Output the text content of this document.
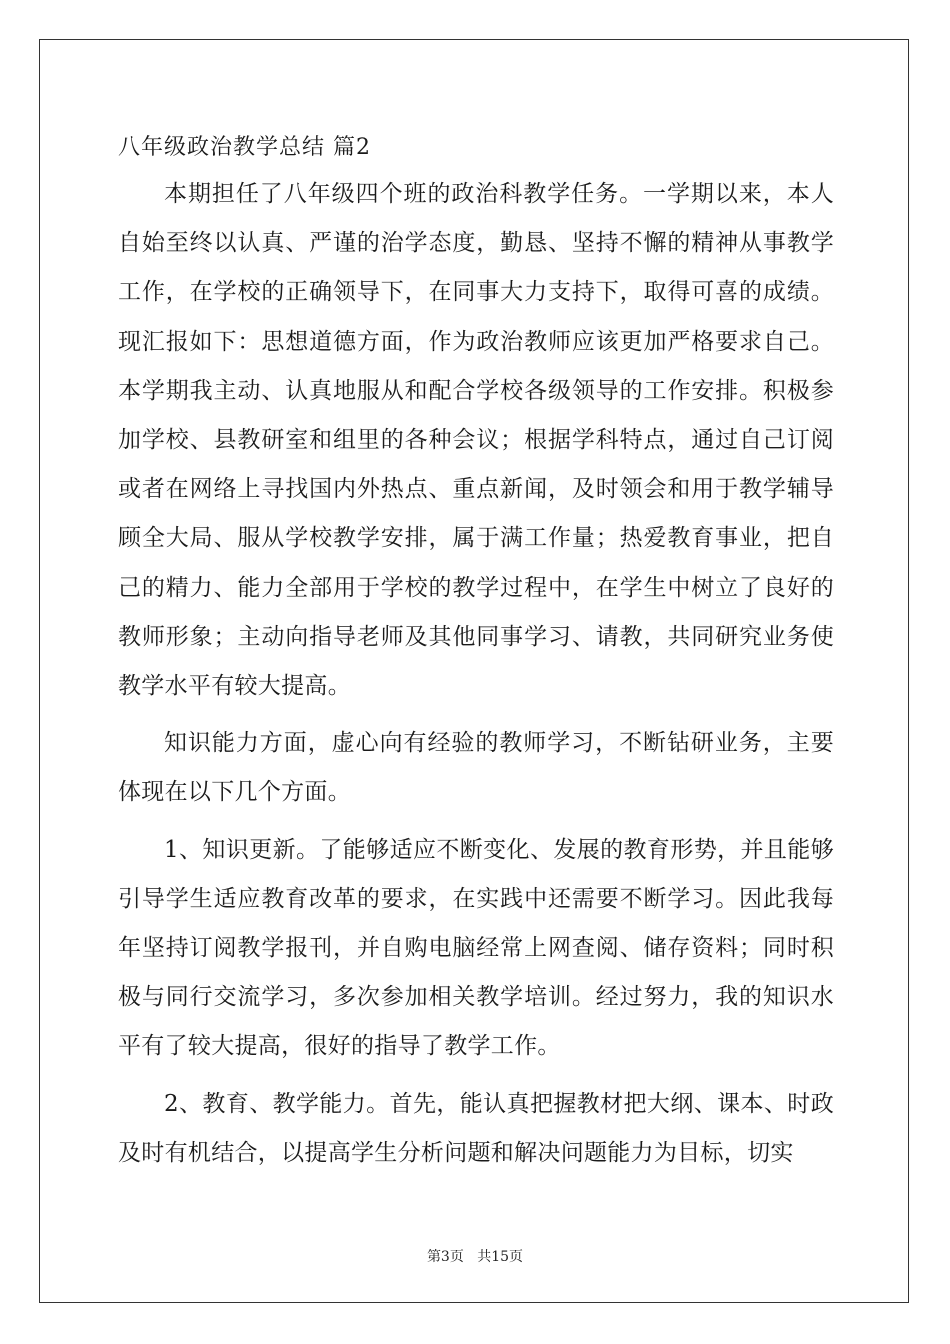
八年级政治教学总结 篇2

本期担任了八年级四个班的政治科教学任务。一学期以来，本人自始至终以认真、严谨的治学态度，勤恳、坚持不懈的精神从事教学工作，在学校的正确领导下，在同事大力支持下，取得可喜的成绩。现汇报如下：思想道德方面，作为政治教师应该更加严格要求自己。本学期我主动、认真地服从和配合学校各级领导的工作安排。积极参加学校、县教研室和组里的各种会议；根据学科特点，通过自己订阅或者在网络上寻找国内外热点、重点新闻，及时领会和用于教学辅导顾全大局、服从学校教学安排，属于满工作量；热爱教育事业，把自己的精力、能力全部用于学校的教学过程中，在学生中树立了良好的教师形象；主动向指导老师及其他同事学习、请教，共同研究业务使教学水平有较大提高。

知识能力方面，虚心向有经验的教师学习，不断钻研业务，主要体现在以下几个方面。

1、知识更新。了能够适应不断变化、发展的教育形势，并且能够引导学生适应教育改革的要求，在实践中还需要不断学习。因此我每年坚持订阅教学报刊，并自购电脑经常上网查阅、储存资料；同时积极与同行交流学习，多次参加相关教学培训。经过努力，我的知识水平有了较大提高，很好的指导了教学工作。

2、教育、教学能力。首先，能认真把握教材把大纲、课本、时政及时有机结合，以提高学生分析问题和解决问题能力为目标，切实

第3页 共15页
